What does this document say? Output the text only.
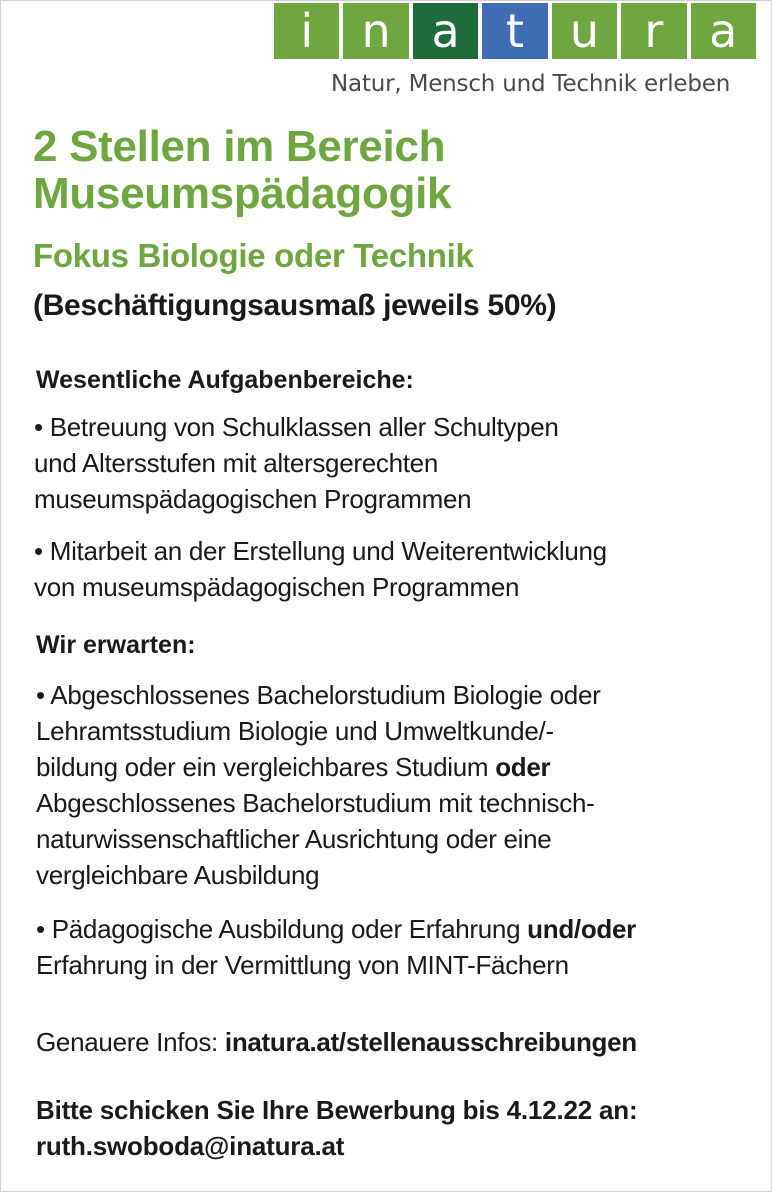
i	n a	t u r a
Natur, Mensch und Technik erleben
2 Stellen im Bereich
Museumspädagogik
Fokus Biologie oder Technik

(Beschäftigungsausmaß jeweils 50%)

Wesentliche Aufgabenbereiche:

• Betreuung von Schulklassen aller Schultypen
und Altersstufen mit altersgerechten
museumspädagogischen Programmen

• Mitarbeit an der Erstellung und Weiterentwicklung
von museumspädagogischen Programmen

Wir erwarten:

• Abgeschlossenes Bachelorstudium Biologie oder
Lehramtsstudium Biologie und Umweltkunde/-
bildung oder ein vergleichbares Studium oder
Abgeschlossenes Bachelorstudium mit technisch-
naturwissenschaftlicher Ausrichtung oder eine
vergleichbare Ausbildung

• Pädagogische Ausbildung oder Erfahrung und/oder
Erfahrung in der Vermittlung von MINT-Fächern

Genauere Infos: inatura.at/stellenausschreibungen

Bitte schicken Sie Ihre Bewerbung bis 4.12.22 an:
ruth.swoboda@inatura.at
